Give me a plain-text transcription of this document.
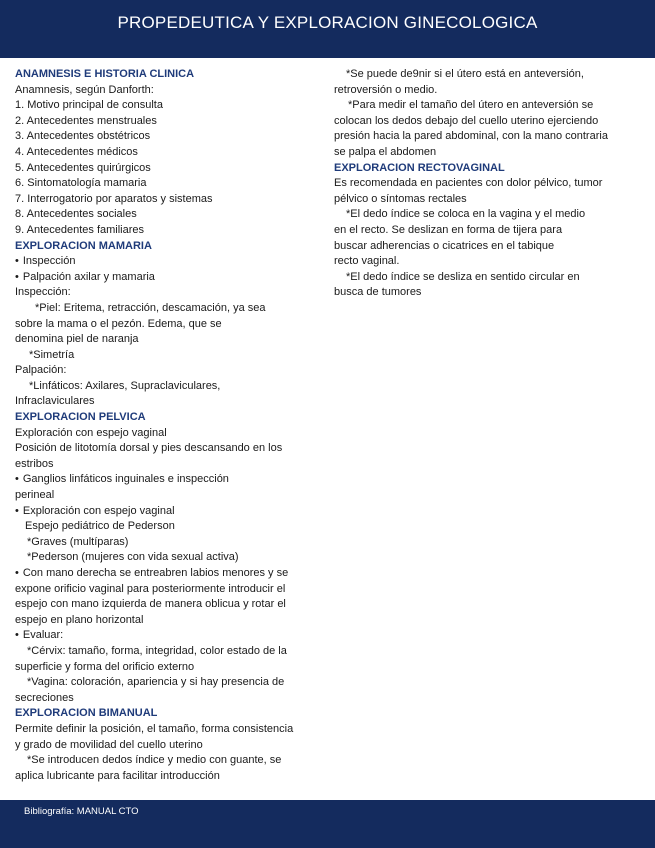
PROPEDEUTICA Y EXPLORACION GINECOLOGICA
ANAMNESIS E HISTORIA CLINICA
Anamnesis, según Danforth:
1. Motivo principal de consulta
2. Antecedentes menstruales
3. Antecedentes obstétricos
4. Antecedentes médicos
5. Antecedentes quirúrgicos
6. Sintomatología mamaria
7. Interrogatorio por aparatos y sistemas
8. Antecedentes sociales
9. Antecedentes familiares
EXPLORACION MAMARIA
• Inspección
• Palpación axilar y mamaria
Inspección:
*Piel: Eritema, retracción, descamación, ya sea
sobre la mama o el pezón. Edema, que se
denomina piel de naranja
*Simetría
Palpación:
*Linfáticos: Axilares, Supraclaviculares,
Infraclaviculares
EXPLORACION PELVICA
Exploración con espejo vaginal
Posición de litotomía dorsal y pies descansando en los
estribos
• Ganglios linfáticos inguinales e inspección
perineal
• Exploración con espejo vaginal
Espejo pediátrico de Pederson
*Graves (multíparas)
*Pederson (mujeres con vida sexual activa)
• Con mano derecha se entreabren labios menores y se
expone orificio vaginal para posteriormente introducir el
espejo con mano izquierda de manera oblicua y rotar el
espejo en plano horizontal
• Evaluar:
*Cérvix: tamaño, forma, integridad, color estado de la
superficie y forma del orificio externo
*Vagina: coloración, apariencia y si hay presencia de
secreciones
EXPLORACION BIMANUAL
Permite definir la posición, el tamaño, forma consistencia
y grado de movilidad del cuello uterino
*Se introducen dedos índice y medio con guante, se
aplica lubricante para facilitar introducción
*Se puede de9nir si el útero está en anteversión,
retroversión o medio.
*Para medir el tamaño del útero en anteversión se
colocan los dedos debajo del cuello uterino ejerciendo
presión hacia la pared abdominal, con la mano contraria
se palpa el abdomen
EXPLORACION RECTOVAGINAL
Es recomendada en pacientes con dolor pélvico, tumor
pélvico o síntomas rectales
*El dedo índice se coloca en la vagina y el medio
en el recto. Se deslizan en forma de tijera para
buscar adherencias o cicatrices en el tabique
recto vaginal.
*El dedo índice se desliza en sentido circular en
busca de tumores
Bibliografía: MANUAL CTO
